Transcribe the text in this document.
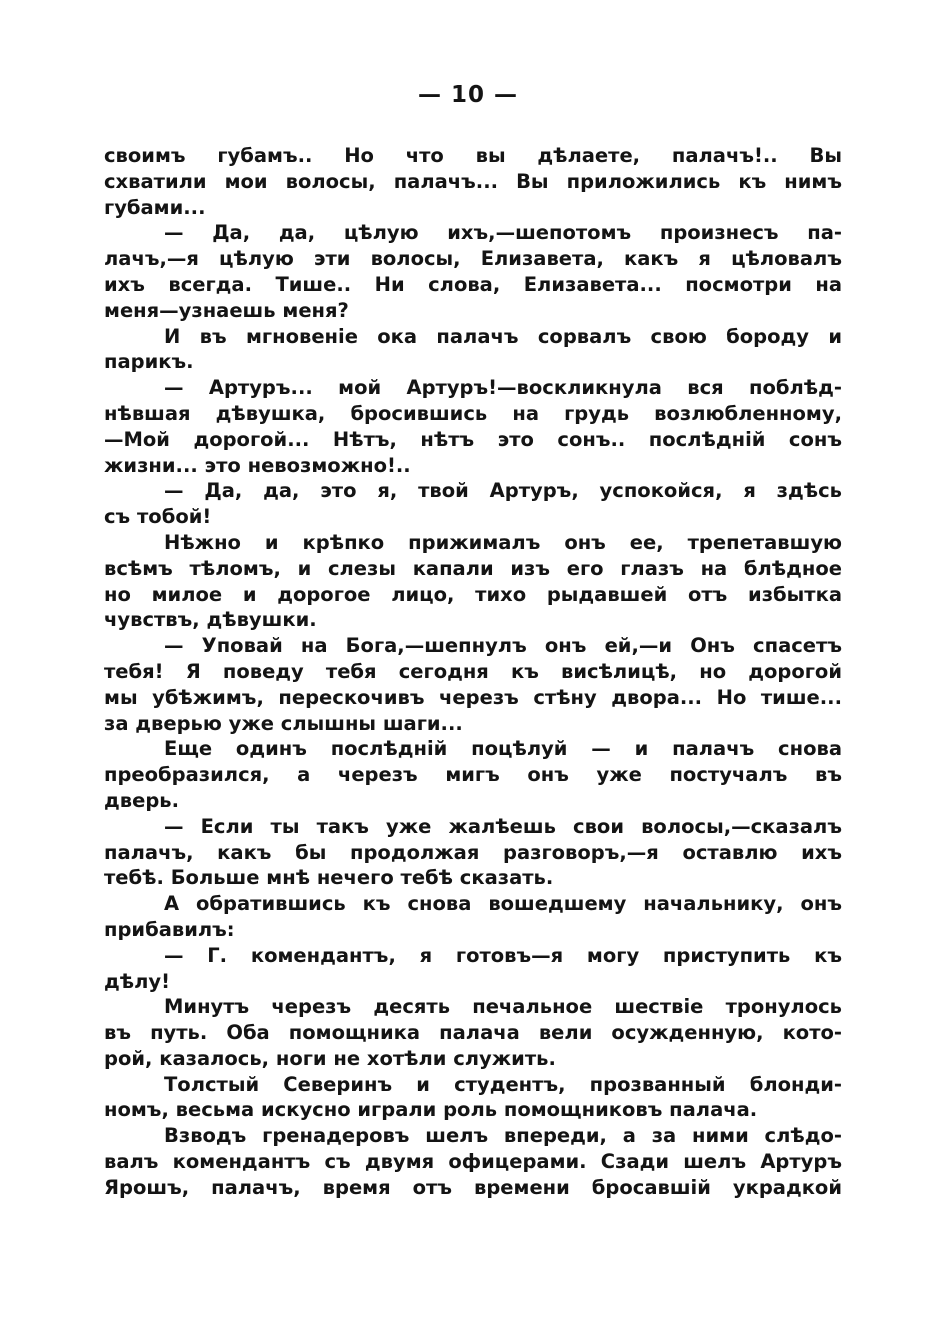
— 10 —
своимъ губамъ.. Но что вы дѣлаете, палачъ!.. Вы
схватили мои волосы, палачъ... Вы приложились къ нимъ
губами...
— Да, да, цѣлую ихъ,—шепотомъ произнесъ па-
лачъ,—я цѣлую эти волосы, Елизавета, какъ я цѣловалъ
ихъ всегда. Тише.. Ни слова, Елизавета... посмотри на
меня—узнаешь меня?
И въ мгновеніе ока палачъ сорвалъ свою бороду и
парикъ.
— Артуръ... мой Артуръ!—воскликнула вся поблѣд-
нѣвшая дѣвушка, бросившись на грудь возлюбленному,
—Мой дорогой... Нѣтъ, нѣтъ это сонъ.. послѣдній сонъ
жизни... это невозможно!..
— Да, да, это я, твой Артуръ, успокойся, я здѣсь
съ тобой!
Нѣжно и крѣпко прижималъ онъ ее, трепетавшую
всѣмъ тѣломъ, и слезы капали изъ его глазъ на блѣдное
но милое и дорогое лицо, тихо рыдавшей отъ избытка
чувствъ, дѣвушки.
— Уповай на Бога,—шепнулъ онъ ей,—и Онъ спасетъ
тебя! Я поведу тебя сегодня къ висѣлицѣ, но дорогой
мы убѣжимъ, перескочивъ черезъ стѣну двора... Но тише...
за дверью уже слышны шаги...
Еще одинъ послѣдній поцѣлуй — и палачъ снова
преобразился, а черезъ мигъ онъ уже постучалъ въ
дверь.
— Если ты такъ уже жалѣешь свои волосы,—сказалъ
палачъ, какъ бы продолжая разговоръ,—я оставлю ихъ
тебѣ. Больше мнѣ нечего тебѣ сказать.
А обратившись къ снова вошедшему начальнику, онъ
прибавилъ:
— Г. комендантъ, я готовъ—я могу приступить къ
дѣлу!
Минутъ черезъ десять печальное шествіе тронулось
въ путь. Оба помощника палача вели осужденную, кото-
рой, казалось, ноги не хотѣли служить.
Толстый Северинъ и студентъ, прозванный блонди-
номъ, весьма искусно играли роль помощниковъ палача.
Взводъ гренадеровъ шелъ впереди, а за ними слѣдо-
валъ комендантъ съ двумя офицерами. Сзади шелъ Артуръ
Ярошъ, палачъ, время отъ времени бросавшій украдкой
